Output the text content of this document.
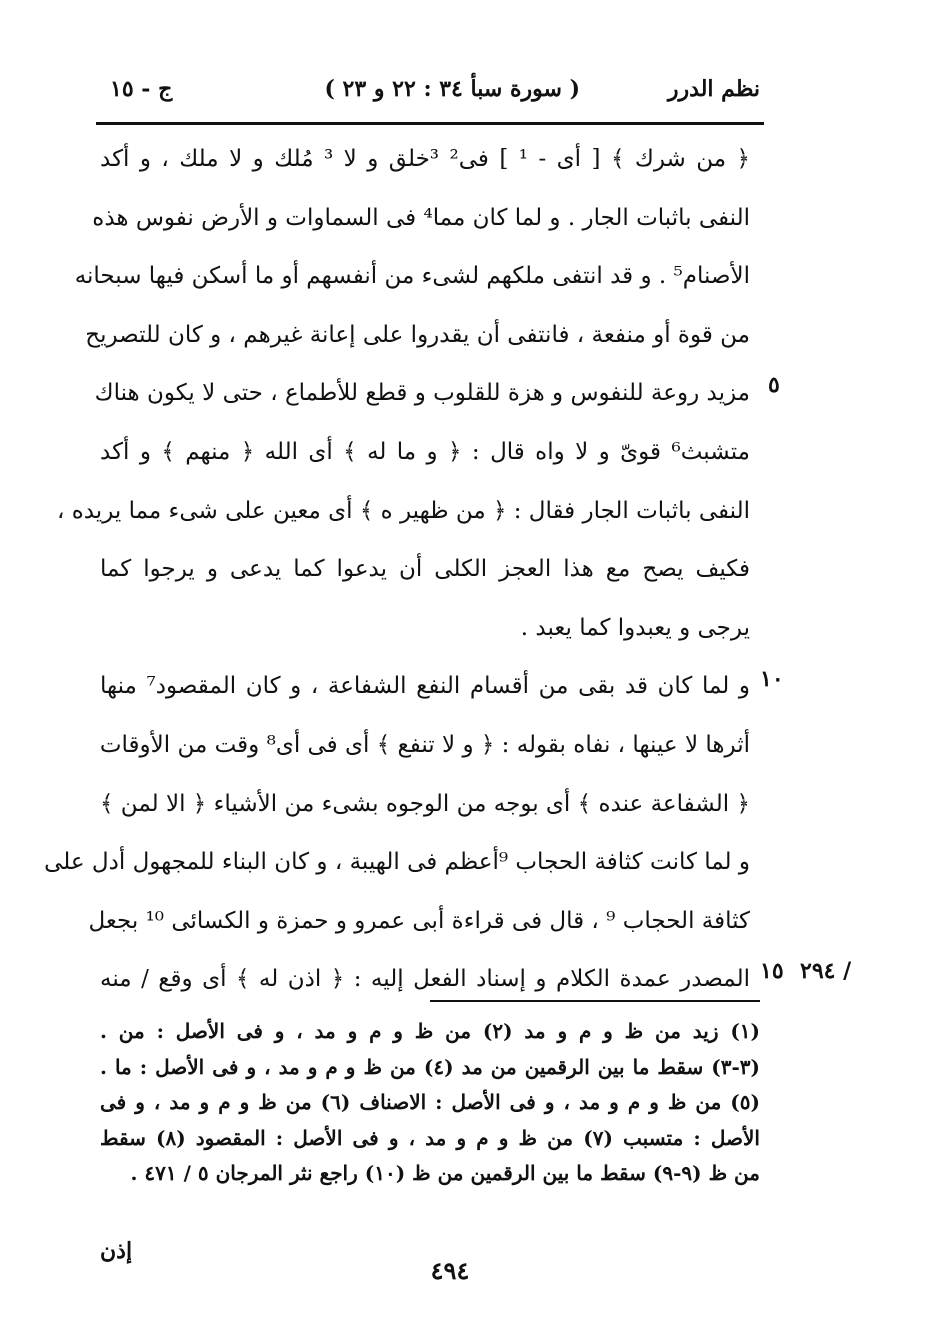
نظم الدرر
( سورة سبأ ٣٤ : ٢٢ و ٢٣ )
ج - ١٥
﴿ من شرك ﴾ [ أى - ¹ ] فى² ³خلق و لا ³ مُلك و لا ملك ، و أكد
النفى باثبات الجار . و لما كان مما⁴ فى السماوات و الأرض نفوس هذه
الأصنام⁵ . و قد انتفى ملكهم لشىء من أنفسهم أو ما أسكن فيها سبحانه
من قوة أو منفعة ، فانتفى أن يقدروا على إعانة غيرهم ، و كان للتصريح
مزيد روعة للنفوس و هزة للقلوب و قطع للأطماع ، حتى لا يكون هناك
متشبث⁶ قوىّ و لا واه قال : ﴿ و ما له ﴾ أى الله ﴿ منهم ﴾ و أكد
النفى باثبات الجار فقال : ﴿ من ظهير ه ﴾ أى معين على شىء مما يريده ،
فكيف يصح مع هذا العجز الكلى أن يدعوا كما يدعى و يرجوا كما
يرجى و يعبدوا كما يعبد .
و لما كان قد بقى من أقسام النفع الشفاعة ، و كان المقصود⁷ منها
أثرها لا عينها ، نفاه بقوله : ﴿ و لا تنفع ﴾ أى فى أى⁸ وقت من الأوقات
﴿ الشفاعة عنده ﴾ أى بوجه من الوجوه بشىء من الأشياء ﴿ الا لمن ﴾
و لما كانت كثافة الحجاب ⁹أعظم فى الهيبة ، و كان البناء للمجهول أدل على
كثافة الحجاب ⁹ ، قال فى قراءة أبى عمرو و حمزة و الكسائى ¹⁰ بجعل
المصدر عمدة الكلام و إسناد الفعل إليه : ﴿ اذن له ﴾ أى وقع / منه
٥
١٠
١٥ ٢٩٤ /
(١) زيد من ظ و م و مد (٢) من ظ و م و مد ، و فى الأصل : من .
(٣-٣) سقط ما بين الرقمين من مد (٤) من ظ و م و مد ، و فى الأصل : ما .
(٥) من ظ و م و مد ، و فى الأصل : الاصناف (٦) من ظ و م و مد ، و فى
الأصل : متسبب (٧) من ظ و م و مد ، و فى الأصل : المقصود (٨) سقط
من ظ (٩-٩) سقط ما بين الرقمين من ظ (١٠) راجع نثر المرجان ٥ / ٤٧١ .
إذن
٤٩٤
